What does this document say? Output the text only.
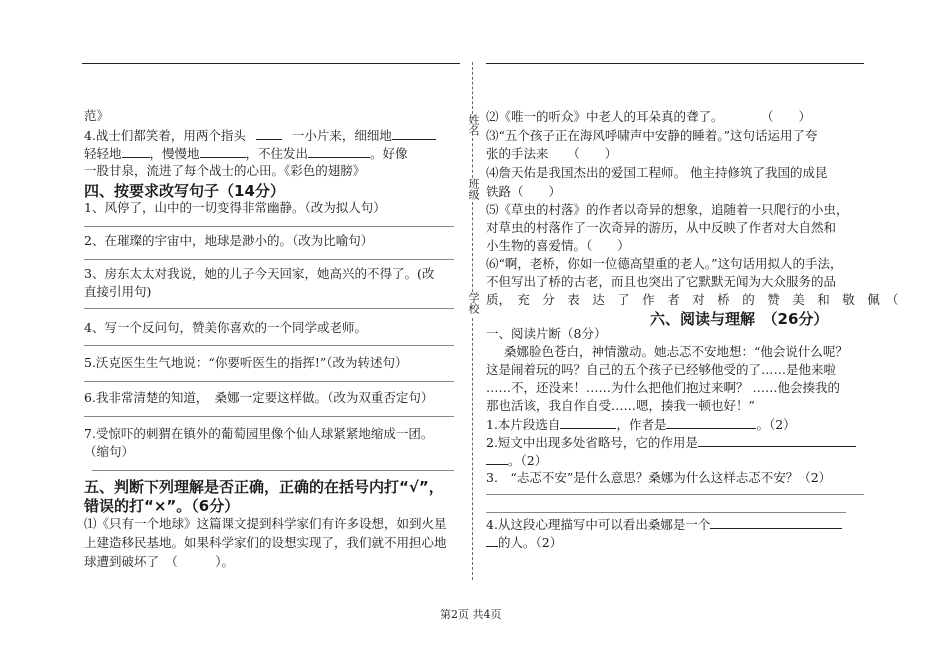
姓名
班级
学校
范》
4.战士们都笑着，用两个指头	一小片来，细细地
轻轻地 ，慢慢地	，不住发出	。好像
一股甘泉，流进了每个战士的心田。《彩色的翅膀》
四、按要求改写句子（14分）
1、风停了，山中的一切变得非常幽静。（改为拟人句）
2、在璀璨的宇宙中，地球是渺小的。（改为比喻句）
3、房东太太对我说，她的儿子今天回家，她高兴的不得了。(改
直接引用句)
4、写一个反问句，赞美你喜欢的一个同学或老师。
5.沃克医生生气地说：“你要听医生的指挥!”（改为转述句）
6.我非常清楚的知道，　桑娜一定要这样做。（改为双重否定句）
7.受惊吓的刺猬在镇外的葡萄园里像个仙人球紧紧地缩成一团。
（缩句）
五、判断下列理解是否正确，正确的在括号内打“√”，
错误的打“×”。（6分）
⑴《只有一个地球》这篇课文提到科学家们有许多设想，如到火星
上建造移民基地。如果科学家们的设想实现了，我们就不用担心地
球遭到破坏了　（　　　）。
⑵《唯一的听众》中老人的耳朵真的聋了。　　　　（　　）
⑶“五个孩子正在海风呼啸声中安静的睡着。”这句话运用了夸
张的手法来　　（　　）
⑷詹天佑是我国杰出的爱国工程师。 他主持修筑了我国的成昆
铁路（　　）
⑸《草虫的村落》的作者以奇异的想象，追随着一只爬行的小虫，
对草虫的村落作了一次奇异的游历，从中反映了作者对大自然和
小生物的喜爱情。（　　）
⑹“啊，老桥，你如一位德高望重的老人。”这句话用拟人的手法，
不但写出了桥的古老，而且也突出了它默默无闻为大众服务的品
质，　充　分　表　达　了　作　者　对　桥　的　赞　美　和　敬　佩　（
六、阅读与理解　（26分）
一、阅读片断（8分）
桑娜脸色苍白，神情激动。她忐忑不安地想：“他会说什么呢？
这是闹着玩的吗？自己的五个孩子已经够他受的了……是他来啦
……不，还没来！……为什么把他们抱过来啊？ ……他会揍我的
那也活该，我自作自受……嗯，揍我一顿也好！”
1.本片段选自	，作者是	。（2）
2.短文中出现多处省略号，它的作用是
。（2）
3.　“忐忑不安”是什么意思？桑娜为什么这样忐忑不安？（2）
4.从这段心理描写中可以看出桑娜是一个
的人。（2）
第2页 共4页
